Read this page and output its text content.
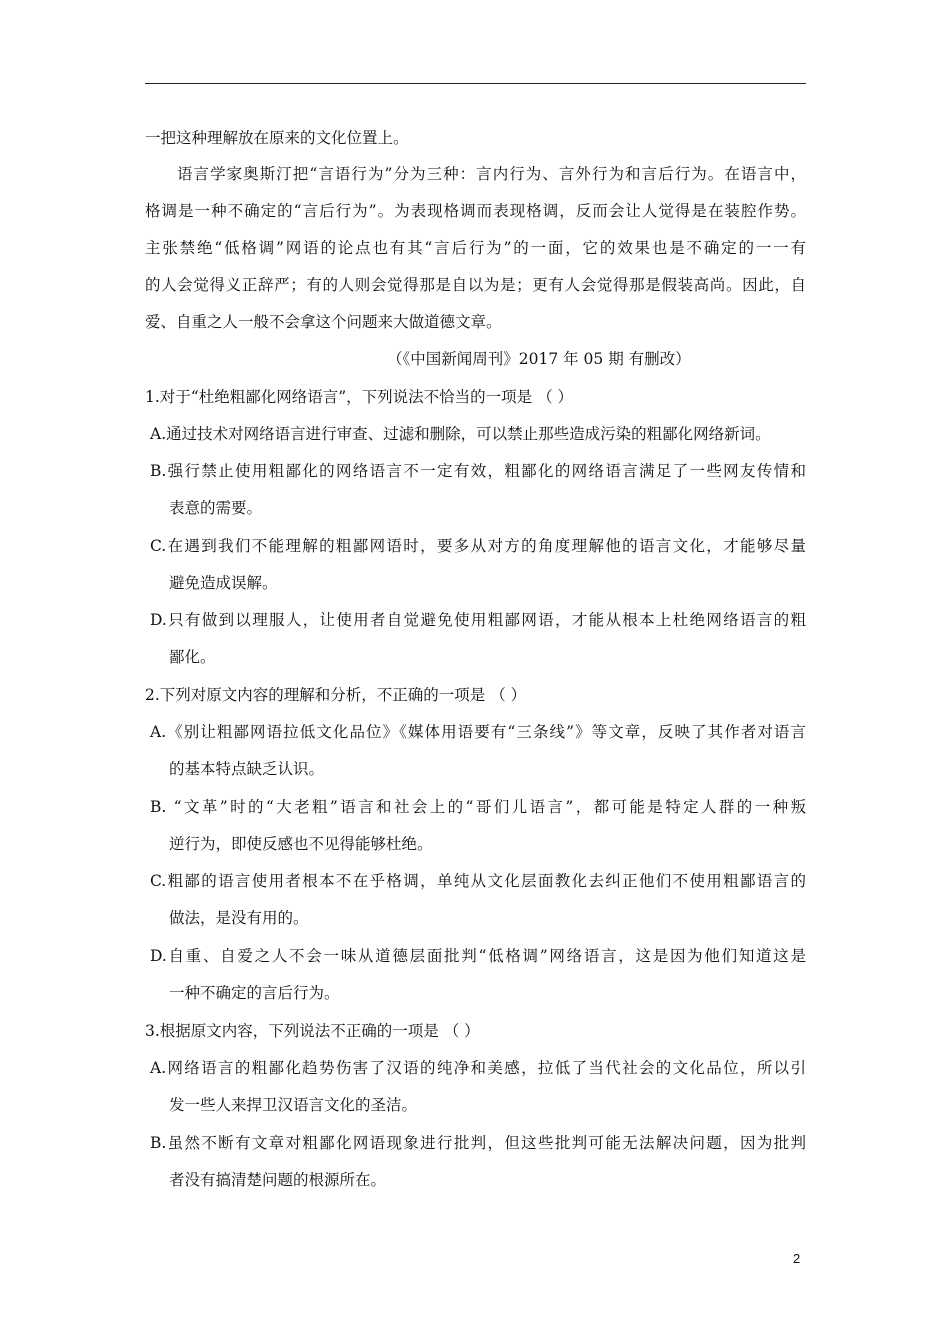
一把这种理解放在原来的文化位置上。
语言学家奥斯汀把“言语行为”分为三种：言内行为、言外行为和言后行为。在语言中，
格调是一种不确定的“言后行为”。为表现格调而表现格调，反而会让人觉得是在装腔作势。
主张禁绝“低格调”网语的论点也有其“言后行为”的一面，它的效果也是不确定的一一有
的人会觉得义正辞严；有的人则会觉得那是自以为是；更有人会觉得那是假装高尚。因此，自
爱、自重之人一般不会拿这个问题来大做道德文章。
（《中国新闻周刊》2017 年 05 期 有删改）
1.对于“杜绝粗鄙化网络语言”，下列说法不恰当的一项是 （ ）
A.通过技术对网络语言进行审查、过滤和删除，可以禁止那些造成污染的粗鄙化网络新词。
B.强行禁止使用粗鄙化的网络语言不一定有效，粗鄙化的网络语言满足了一些网友传情和
表意的需要。
C.在遇到我们不能理解的粗鄙网语时，要多从对方的角度理解他的语言文化，才能够尽量
避免造成误解。
D.只有做到以理服人，让使用者自觉避免使用粗鄙网语，才能从根本上杜绝网络语言的粗
鄙化。
2.下列对原文内容的理解和分析，不正确的一项是 （ ）
A.《别让粗鄙网语拉低文化品位》《媒体用语要有“三条线”》等文章，反映了其作者对语言
的基本特点缺乏认识。
B. “文革”时的“大老粗”语言和社会上的“哥们儿语言”，都可能是特定人群的一种叛
逆行为，即使反感也不见得能够杜绝。
C.粗鄙的语言使用者根本不在乎格调，单纯从文化层面教化去纠正他们不使用粗鄙语言的
做法，是没有用的。
D.自重、自爱之人不会一味从道德层面批判“低格调”网络语言，这是因为他们知道这是
一种不确定的言后行为。
3.根据原文内容，下列说法不正确的一项是 （ ）
A.网络语言的粗鄙化趋势伤害了汉语的纯净和美感，拉低了当代社会的文化品位，所以引
发一些人来捍卫汉语言文化的圣洁。
B.虽然不断有文章对粗鄙化网语现象进行批判，但这些批判可能无法解决问题，因为批判
者没有搞清楚问题的根源所在。
2
